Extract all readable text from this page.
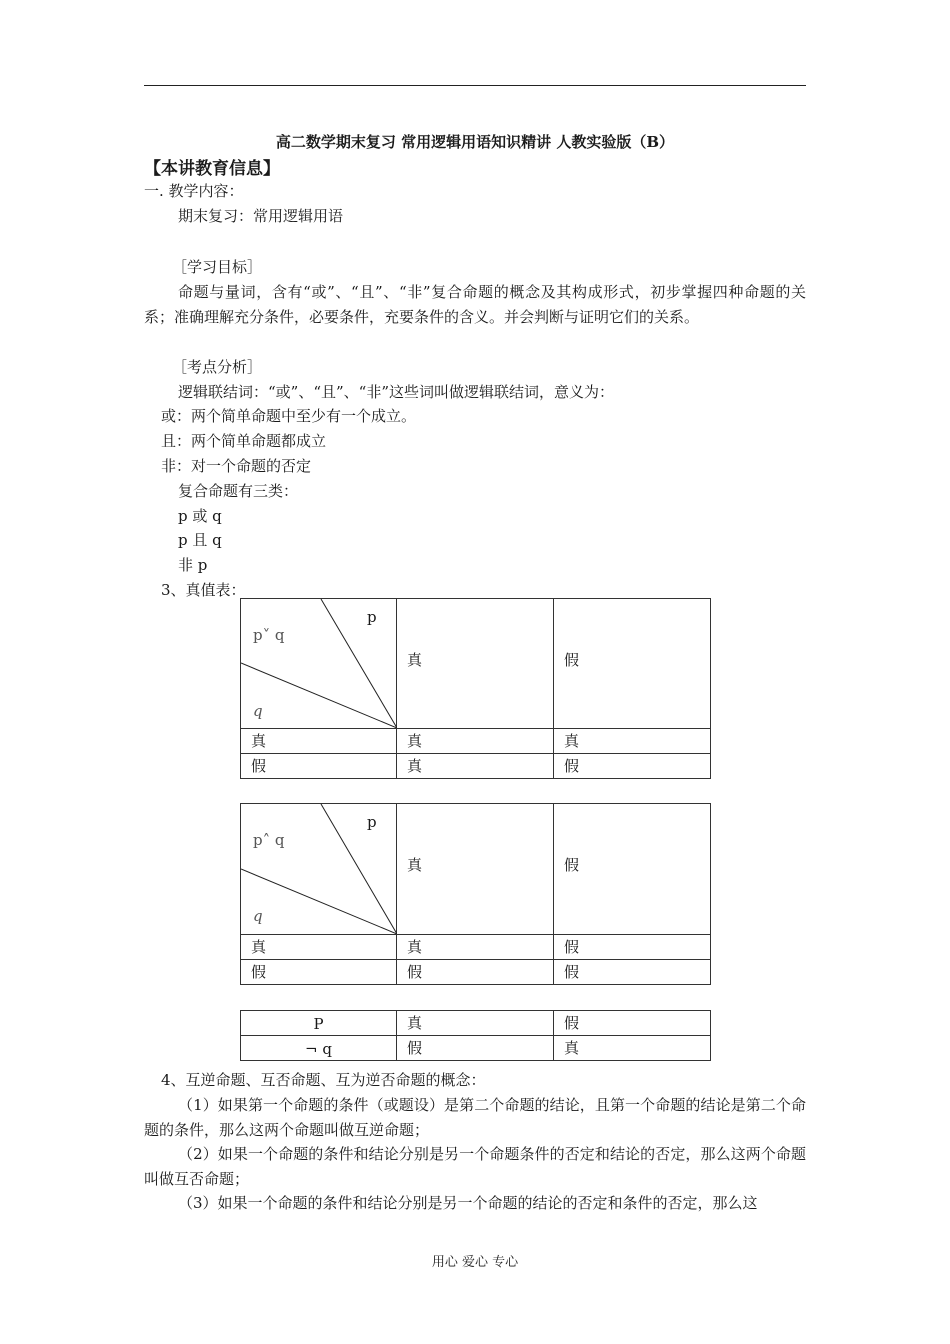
高二数学期末复习 常用逻辑用语知识精讲 人教实验版（B）
【本讲教育信息】
一. 教学内容：
期末复习：常用逻辑用语
［学习目标］
命题与量词，含有“或”、“且”、“非”复合命题的概念及其构成形式，初步掌握四种命题的关系；准确理解充分条件，必要条件，充要条件的含义。并会判断与证明它们的关系。
［考点分析］
逻辑联结词：“或”、“且”、“非”这些词叫做逻辑联结词，意义为：
或：两个简单命题中至少有一个成立。
且：两个简单命题都成立
非：对一个命题的否定
复合命题有三类：
p 或 q
p 且 q
非 p
3、真值表：
p
p˅ q
q	真	假

真	真	真

假	真	假
p
p˄ q
q	真	假

真	真	假

假	假	假
P	真	假

¬ q	假	真
4、互逆命题、互否命题、互为逆否命题的概念：
（1）如果第一个命题的条件（或题设）是第二个命题的结论，且第一个命题的结论是第二个命题的条件，那么这两个命题叫做互逆命题；
（2）如果一个命题的条件和结论分别是另一个命题条件的否定和结论的否定，那么这两个命题叫做互否命题；
（3）如果一个命题的条件和结论分别是另一个命题的结论的否定和条件的否定，那么这
用心 爱心 专心
